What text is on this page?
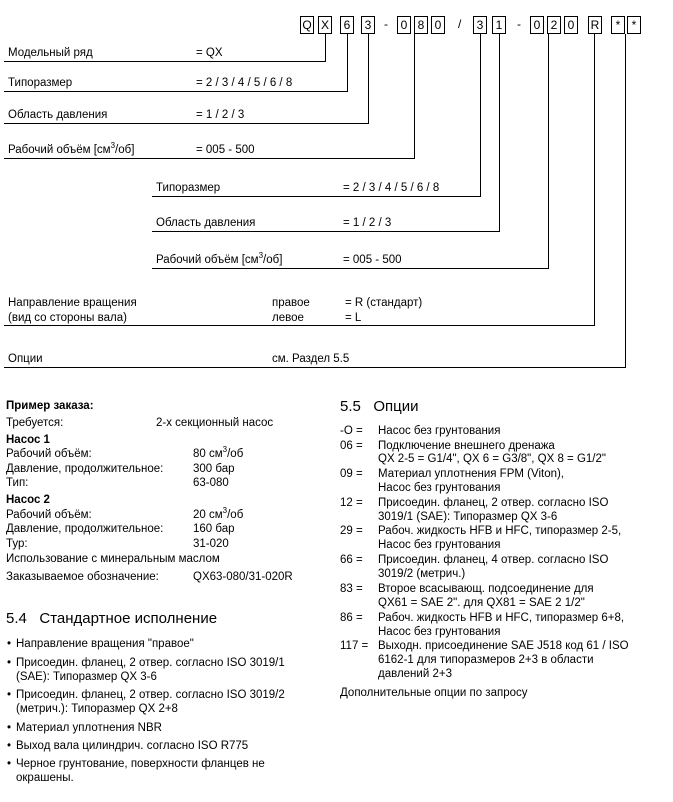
Q X	6	3	-	0 8 0	/	3	1	-	0 2 0	R	* *
Модельный ряд	= QX
Типоразмер	= 2 / 3 / 4 / 5 / 6 / 8
Область давления	= 1 / 2 / 3
Рабочий объём $[см^3/об]$	= 005 - 500
Типоразмер	= 2 / 3 / 4 / 5 / 6 / 8
Область давления	= 1 / 2 / 3
Рабочий объём $[см^3/об]$	= 005 - 500
Направление вращения
(вид со стороны вала)
правое	= R (стандарт)
левое	= L
Опции	см. Раздел 5.5
Пример заказа:
Требуется:	2-х секционный насос
Насос 1
Рабочий объём:	80 $см^3/об$
Давление, продолжительное:	300 бар
Тип:	63-080
Насос 2
Рабочий объём:	20 $см^3/об$
Давление, продолжительное:	160 бар
Тур:	31-020
Использование с минеральным маслом
Заказываемое обозначение:	QX63-080/31-020R
5.4 Стандартное исполнение
• Направление вращения "правое"
• Присоедин. фланец, 2 отвер. согласно ISO 3019/1
(SAE): Типоразмер QX 3-6
• Присоедин. фланец, 2 отвер. согласно ISO 3019/2
(метрич.): Типоразмер QX 2+8
• Материал уплотнения NBR
• Выход вала цилиндрич. согласно ISO R775
• Черное грунтование, поверхности фланцев не
окрашены.
5.5 Опции
-O =	Насос без грунтования
06 =	Подключение внешнего дренажа
QX 2-5 = G1/4", QX 6 = G3/8", QX 8 = G1/2"
09 =	Материал уплотнения FPM (Viton),
Насос без грунтования
12 =	Присоедин. фланец, 2 отвер. согласно ISO
3019/1 (SAE): Типоразмер QX 3-6
29 =	Рабоч. жидкость HFB и HFC, типоразмер 2-5,
Насос без грунтования
66 =	Присоедин. фланец, 4 отвер. согласно ISO
3019/2 (метрич.)
83 =	Второе всасывающ. подсоединение для
QX61 = SAE 2". для QX81 = SAE 2 1/2"
86 =	Рабоч. жидкость HFB и HFC, типоразмер 6+8,
Насос без грунтования
117 = Выходн. присоединение SAE J518 код 61 / ISO
6162-1 для типоразмеров 2+3 в области
давлений 2+3
Дополнительные опции по запросу
